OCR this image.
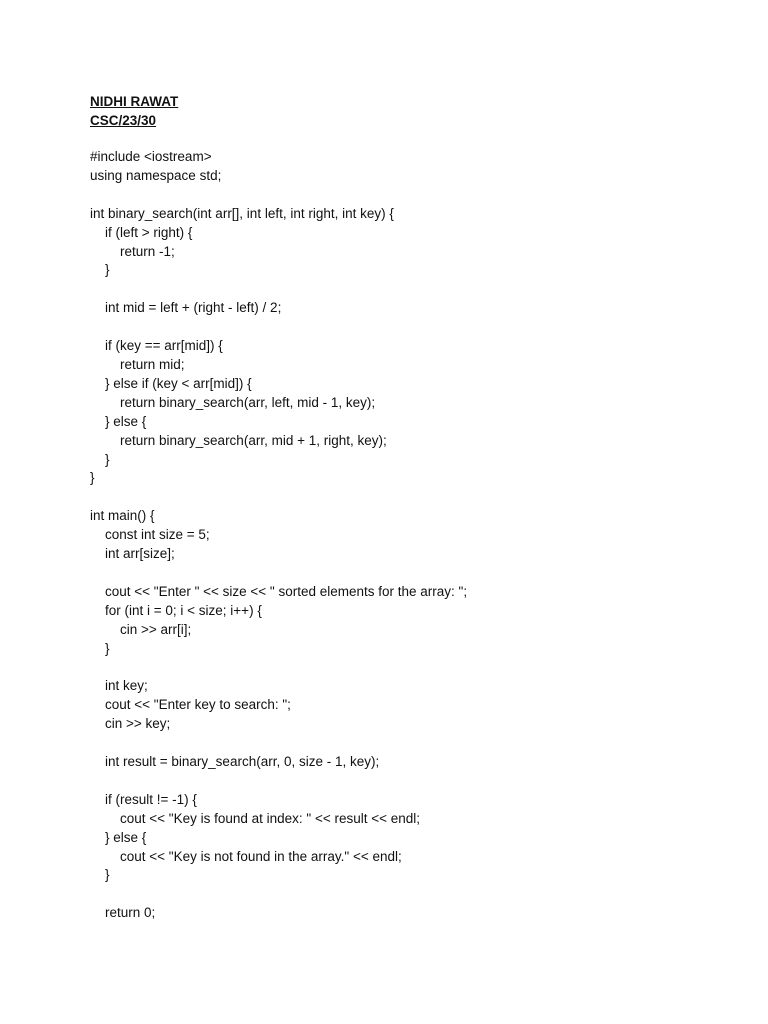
NIDHI RAWAT
CSC/23/30
#include <iostream>
using namespace std;
int binary_search(int arr[], int left, int right, int key) {
if (left > right) {
return -1;
}
int mid = left + (right - left) / 2;
if (key == arr[mid]) {
return mid;
} else if (key < arr[mid]) {
return binary_search(arr, left, mid - 1, key);
} else {
return binary_search(arr, mid + 1, right, key);
}
}
int main() {
const int size = 5;
int arr[size];
cout << "Enter " << size << " sorted elements for the array: ";
for (int i = 0; i < size; i++) {
cin >> arr[i];
}
int key;
cout << "Enter key to search: ";
cin >> key;
int result = binary_search(arr, 0, size - 1, key);
if (result != -1) {
cout << "Key is found at index: " << result << endl;
} else {
cout << "Key is not found in the array." << endl;
}
return 0;
